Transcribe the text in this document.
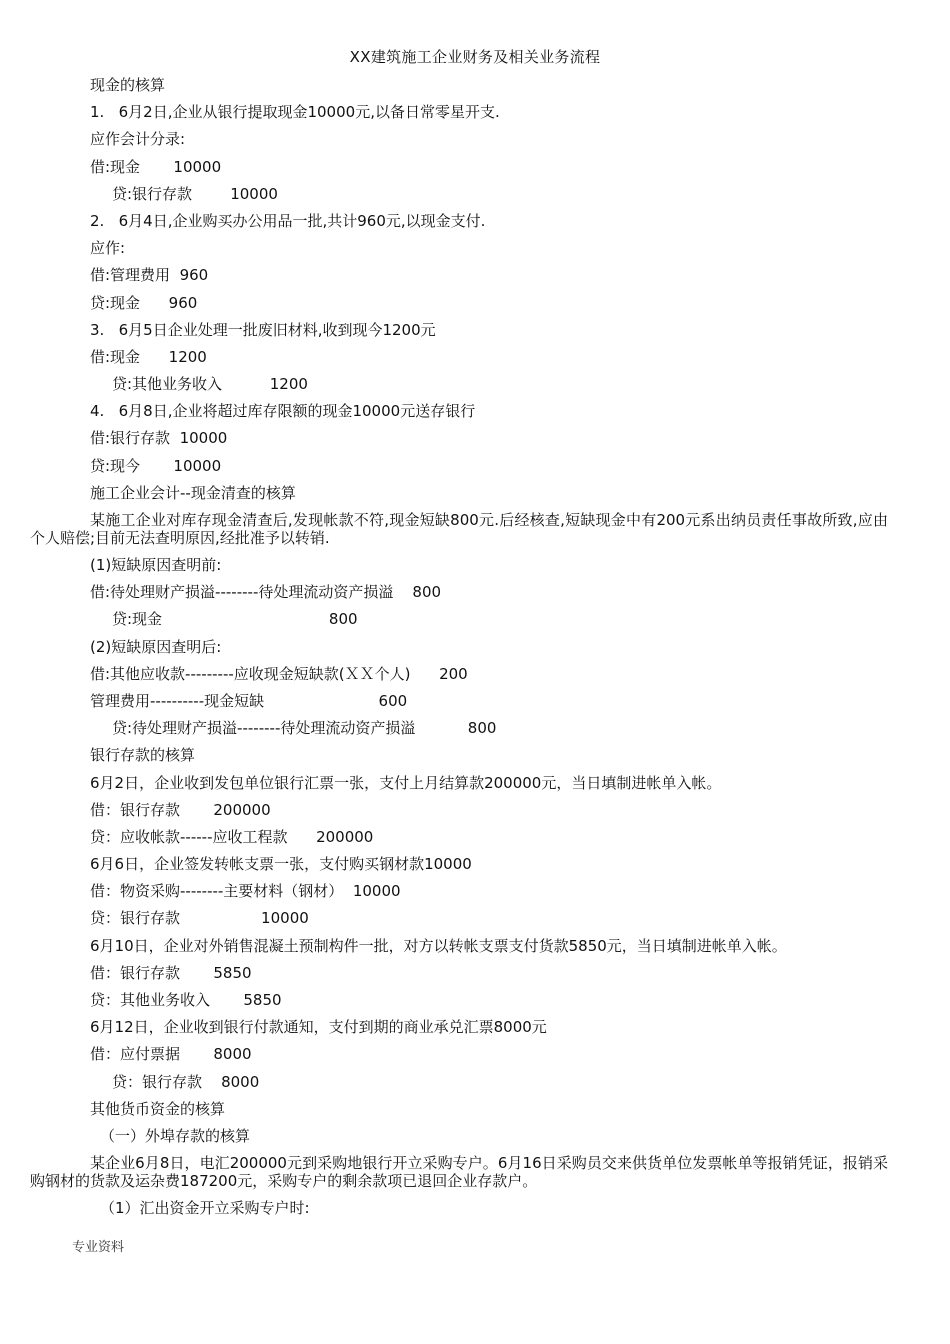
XX建筑施工企业财务及相关业务流程
现金的核算
1.   6月2日,企业从银行提取现金10000元,以备日常零星开支.
应作会计分录:
借:现金       10000
贷:银行存款        10000
2.   6月4日,企业购买办公用品一批,共计960元,以现金支付.
应作:
借:管理费用  960
贷:现金      960
3.   6月5日企业处理一批废旧材料,收到现今1200元
借:现金      1200
贷:其他业务收入          1200
4.   6月8日,企业将超过库存限额的现金10000元送存银行
借:银行存款  10000
贷:现今       10000
施工企业会计--现金清查的核算
某施工企业对库存现金清查后,发现帐款不符,现金短缺800元.后经核查,短缺现金中有200元系出纳员责任事故所致,应由个人赔偿;目前无法查明原因,经批准予以转销.
(1)短缺原因查明前:
借:待处理财产损溢--------待处理流动资产损溢    800
贷:现金                                   800
(2)短缺原因查明后:
借:其他应收款---------应收现金短缺款(ＸＸ个人)      200
管理费用----------现金短缺                        600
贷:待处理财产损溢--------待处理流动资产损溢           800
银行存款的核算
6月2日，企业收到发包单位银行汇票一张，支付上月结算款200000元，当日填制进帐单入帐。
借：银行存款       200000
贷：应收帐款------应收工程款      200000
6月6日，企业签发转帐支票一张，支付购买钢材款10000
借：物资采购--------主要材料（钢材）  10000
贷：银行存款                 10000
6月10日，企业对外销售混凝土预制构件一批，对方以转帐支票支付货款5850元，当日填制进帐单入帐。
借：银行存款       5850
贷：其他业务收入       5850
6月12日，企业收到银行付款通知，支付到期的商业承兑汇票8000元
借：应付票据       8000
贷：银行存款    8000
其他货币资金的核算
（一）外埠存款的核算
某企业6月8日，电汇200000元到采购地银行开立采购专户。6月16日采购员交来供货单位发票帐单等报销凭证，报销采购钢材的货款及运杂费187200元，采购专户的剩余款项已退回企业存款户。
（1）汇出资金开立采购专户时:
专业资料
